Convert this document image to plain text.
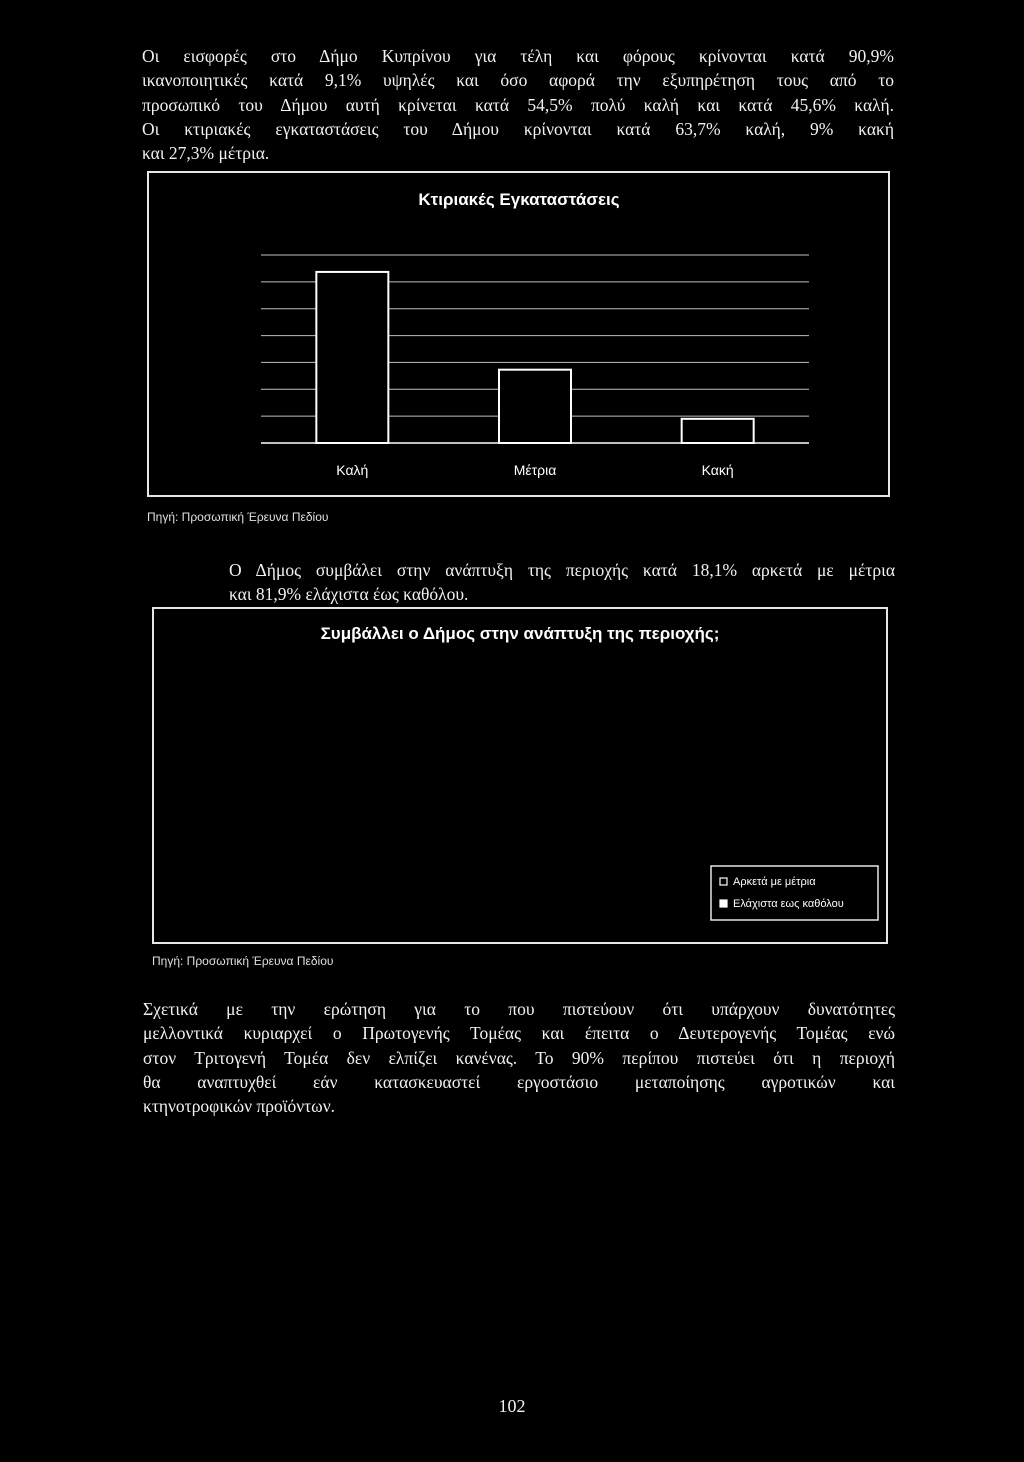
Οι εισφορές στο Δήμο Κυπρίνου για τέλη και φόρους κρίνονται κατά 90,9%
ικανοποιητικές κατά 9,1% υψηλές και όσο αφορά την εξυπηρέτηση τους από το
προσωπικό του Δήμου αυτή κρίνεται κατά 54,5% πολύ καλή και κατά 45,6% καλή.
Οι κτιριακές εγκαταστάσεις του Δήμου κρίνονται κατά 63,7% καλή, 9% κακή
και 27,3% μέτρια.
Κτιριακές Εγκαταστάσεις
Καλή	Μέτρια	Κακή
Πηγή: Προσωπική Έρευνα Πεδίου
Ο Δήμος συμβάλει στην ανάπτυξη της περιοχής κατά 18,1% αρκετά με μέτρια
και 81,9% ελάχιστα έως καθόλου.
Συμβάλλει ο Δήμος στην ανάπτυξη της περιοχής;
Αρκετά με μέτρια
Ελάχιστα εως καθόλου
Πηγή: Προσωπική Έρευνα Πεδίου
Σχετικά με την ερώτηση για το που πιστεύουν ότι υπάρχουν δυνατότητες
μελλοντικά κυριαρχεί ο Πρωτογενής Τομέας και έπειτα ο Δευτερογενής Τομέας ενώ
στον Τριτογενή Τομέα δεν ελπίζει κανένας. Το 90% περίπου πιστεύει ότι η περιοχή
θα αναπτυχθεί εάν κατασκευαστεί εργοστάσιο μεταποίησης αγροτικών και
κτηνοτροφικών προϊόντων.
102
